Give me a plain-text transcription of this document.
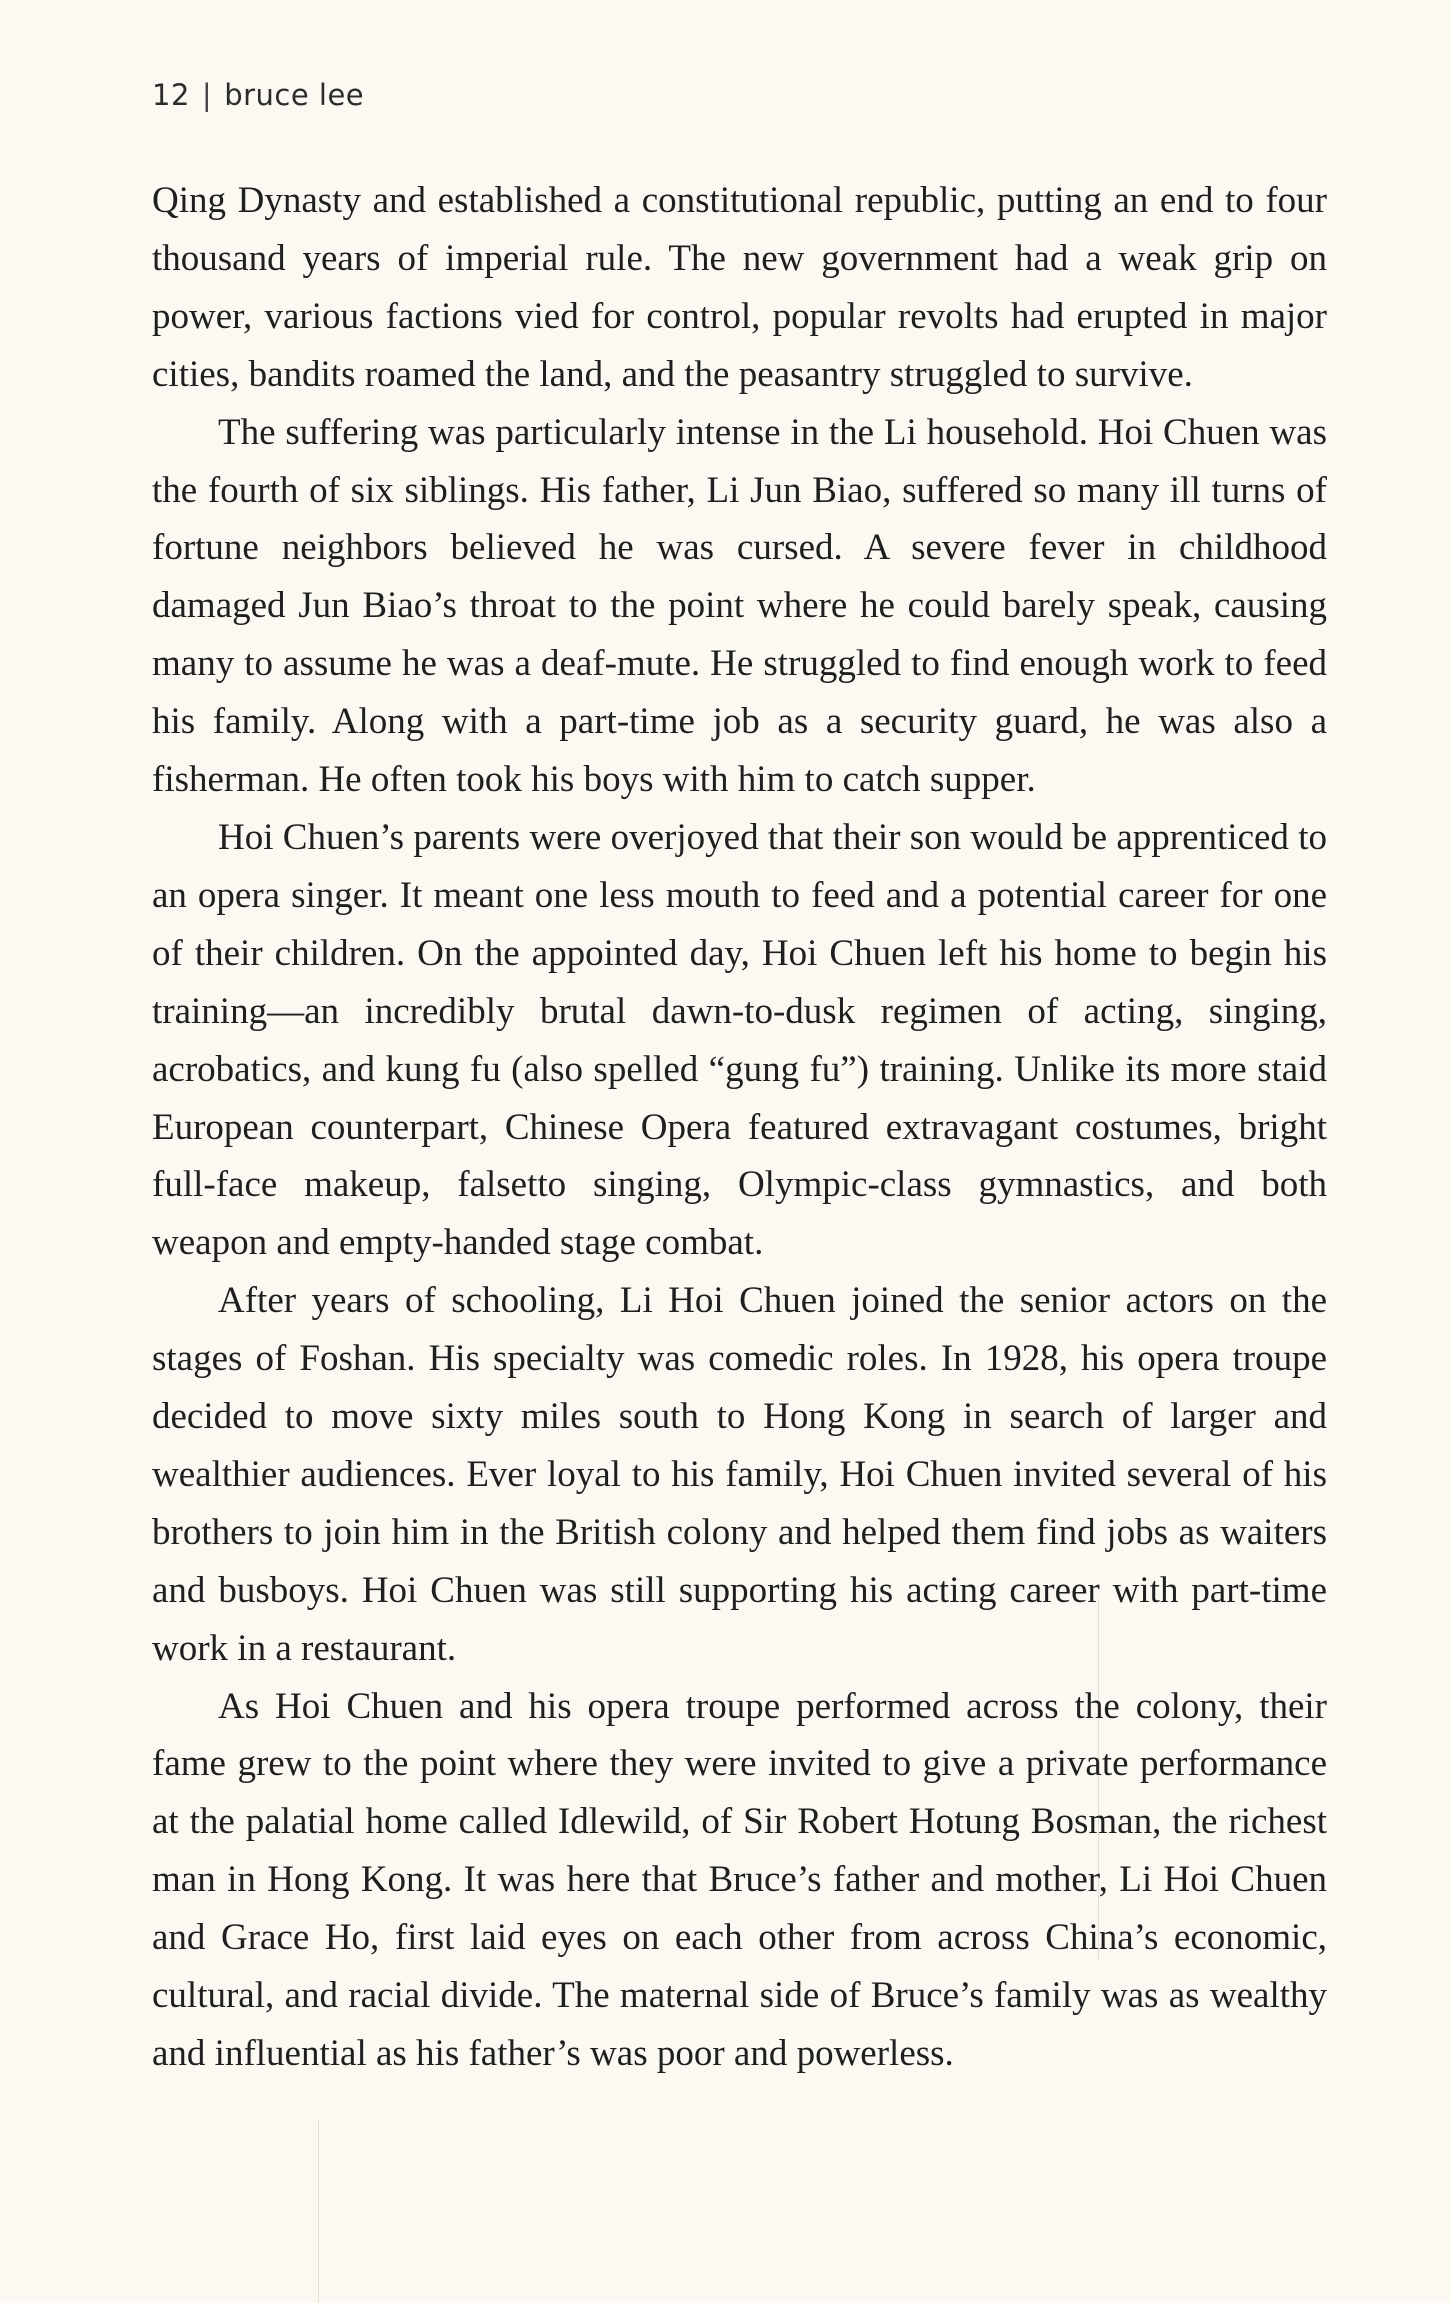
12 | bruce lee

Qing Dynasty and established a constitutional republic, putting an end to four thousand years of imperial rule. The new government had a weak grip on power, various factions vied for control, popular revolts had erupted in major cities, bandits roamed the land, and the peasantry struggled to survive.

The suffering was particularly intense in the Li household. Hoi Chuen was the fourth of six siblings. His father, Li Jun Biao, suffered so many ill turns of fortune neighbors believed he was cursed. A severe fever in childhood damaged Jun Biao’s throat to the point where he could barely speak, causing many to assume he was a deaf-mute. He struggled to find enough work to feed his family. Along with a part-time job as a security guard, he was also a fisherman. He often took his boys with him to catch supper.

Hoi Chuen’s parents were overjoyed that their son would be apprenticed to an opera singer. It meant one less mouth to feed and a potential career for one of their children. On the appointed day, Hoi Chuen left his home to begin his training—an incredibly brutal dawn-to-dusk regimen of acting, singing, acrobatics, and kung fu (also spelled “gung fu”) training. Unlike its more staid European counterpart, Chinese Opera featured extravagant costumes, bright full-face makeup, falsetto singing, Olympic-class gymnastics, and both weapon and empty-handed stage combat.

After years of schooling, Li Hoi Chuen joined the senior actors on the stages of Foshan. His specialty was comedic roles. In 1928, his opera troupe decided to move sixty miles south to Hong Kong in search of larger and wealthier audiences. Ever loyal to his family, Hoi Chuen invited several of his brothers to join him in the British colony and helped them find jobs as waiters and busboys. Hoi Chuen was still supporting his acting career with part-time work in a restaurant.

As Hoi Chuen and his opera troupe performed across the colony, their fame grew to the point where they were invited to give a private performance at the palatial home called Idlewild, of Sir Robert Hotung Bosman, the richest man in Hong Kong. It was here that Bruce’s father and mother, Li Hoi Chuen and Grace Ho, first laid eyes on each other from across China’s economic, cultural, and racial divide. The maternal side of Bruce’s family was as wealthy and influential as his father’s was poor and powerless.
